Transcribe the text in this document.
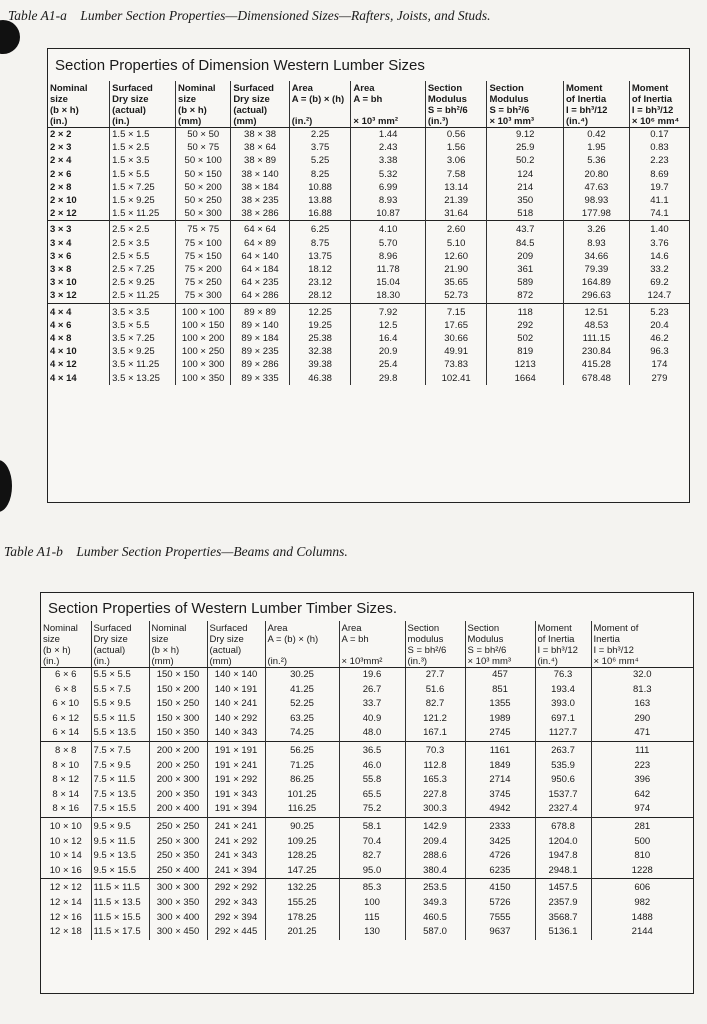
Table A1-a Lumber Section Properties—Dimensioned Sizes—Rafters, Joists, and Studs.
Section Properties of Dimension Western Lumber Sizes
Nominal
size
(b × h)
(in.)	Surfaced
Dry size
(actual)
(in.)	Nominal
size
(b × h)
(mm)	Surfaced
Dry size
(actual)
(mm)	Area
A = (b) × (h)

(in.²)	Area
A = bh

× 10³ mm²	Section
Modulus
S = bh²/6
(in.³)	Section
Modulus
S = bh²/6
× 10³ mm³	Moment
of Inertia
I = bh³/12
(in.⁴)	Moment
of Inertia
I = bh³/12
× 10⁶ mm⁴

2 × 2	1.5 × 1.5	50 × 50	38 × 38	2.25	1.44	0.56	9.12	0.42	0.17
2 × 3	1.5 × 2.5	50 × 75	38 × 64	3.75	2.43	1.56	25.9	1.95	0.83
2 × 4	1.5 × 3.5	50 × 100	38 × 89	5.25	3.38	3.06	50.2	5.36	2.23
2 × 6	1.5 × 5.5	50 × 150	38 × 140	8.25	5.32	7.58	124	20.80	8.69
2 × 8	1.5 × 7.25	50 × 200	38 × 184	10.88	6.99	13.14	214	47.63	19.7
2 × 10	1.5 × 9.25	50 × 250	38 × 235	13.88	8.93	21.39	350	98.93	41.1
2 × 12	1.5 × 11.25	50 × 300	38 × 286	16.88	10.87	31.64	518	177.98	74.1
3 × 3	2.5 × 2.5	75 × 75	64 × 64	6.25	4.10	2.60	43.7	3.26	1.40
3 × 4	2.5 × 3.5	75 × 100	64 × 89	8.75	5.70	5.10	84.5	8.93	3.76
3 × 6	2.5 × 5.5	75 × 150	64 × 140	13.75	8.96	12.60	209	34.66	14.6
3 × 8	2.5 × 7.25	75 × 200	64 × 184	18.12	11.78	21.90	361	79.39	33.2
3 × 10	2.5 × 9.25	75 × 250	64 × 235	23.12	15.04	35.65	589	164.89	69.2
3 × 12	2.5 × 11.25	75 × 300	64 × 286	28.12	18.30	52.73	872	296.63	124.7
4 × 4	3.5 × 3.5	100 × 100	89 × 89	12.25	7.92	7.15	118	12.51	5.23
4 × 6	3.5 × 5.5	100 × 150	89 × 140	19.25	12.5	17.65	292	48.53	20.4
4 × 8	3.5 × 7.25	100 × 200	89 × 184	25.38	16.4	30.66	502	111.15	46.2
4 × 10	3.5 × 9.25	100 × 250	89 × 235	32.38	20.9	49.91	819	230.84	96.3
4 × 12	3.5 × 11.25	100 × 300	89 × 286	39.38	25.4	73.83	1213	415.28	174
4 × 14	3.5 × 13.25	100 × 350	89 × 335	46.38	29.8	102.41	1664	678.48	279
Table A1-b Lumber Section Properties—Beams and Columns.
Section Properties of Western Lumber Timber Sizes.
Nominal
size
(b × h)
(in.)	Surfaced
Dry size
(actual)
(in.)	Nominal
size
(b × h)
(mm)	Surfaced
Dry size
(actual)
(mm)	Area
A = (b) × (h)

(in.²)	Area
A = bh

× 10³mm²	Section
modulus
S = bh²/6
(in.³)	Section
Modulus
S = bh²/6
× 10³ mm³	Moment
of Inertia
I = bh³/12
(in.⁴)	Moment of
Inertia
I = bh³/12
× 10⁶ mm⁴

6 × 6	5.5 × 5.5	150 × 150	140 × 140	30.25	19.6	27.7	457	76.3	32.0
6 × 8	5.5 × 7.5	150 × 200	140 × 191	41.25	26.7	51.6	851	193.4	81.3
6 × 10	5.5 × 9.5	150 × 250	140 × 241	52.25	33.7	82.7	1355	393.0	163
6 × 12	5.5 × 11.5	150 × 300	140 × 292	63.25	40.9	121.2	1989	697.1	290
6 × 14	5.5 × 13.5	150 × 350	140 × 343	74.25	48.0	167.1	2745	1127.7	471
8 × 8	7.5 × 7.5	200 × 200	191 × 191	56.25	36.5	70.3	1161	263.7	111
8 × 10	7.5 × 9.5	200 × 250	191 × 241	71.25	46.0	112.8	1849	535.9	223
8 × 12	7.5 × 11.5	200 × 300	191 × 292	86.25	55.8	165.3	2714	950.6	396
8 × 14	7.5 × 13.5	200 × 350	191 × 343	101.25	65.5	227.8	3745	1537.7	642
8 × 16	7.5 × 15.5	200 × 400	191 × 394	116.25	75.2	300.3	4942	2327.4	974
10 × 10	9.5 × 9.5	250 × 250	241 × 241	90.25	58.1	142.9	2333	678.8	281
10 × 12	9.5 × 11.5	250 × 300	241 × 292	109.25	70.4	209.4	3425	1204.0	500
10 × 14	9.5 × 13.5	250 × 350	241 × 343	128.25	82.7	288.6	4726	1947.8	810
10 × 16	9.5 × 15.5	250 × 400	241 × 394	147.25	95.0	380.4	6235	2948.1	1228
12 × 12	11.5 × 11.5	300 × 300	292 × 292	132.25	85.3	253.5	4150	1457.5	606
12 × 14	11.5 × 13.5	300 × 350	292 × 343	155.25	100	349.3	5726	2357.9	982
12 × 16	11.5 × 15.5	300 × 400	292 × 394	178.25	115	460.5	7555	3568.7	1488
12 × 18	11.5 × 17.5	300 × 450	292 × 445	201.25	130	587.0	9637	5136.1	2144
